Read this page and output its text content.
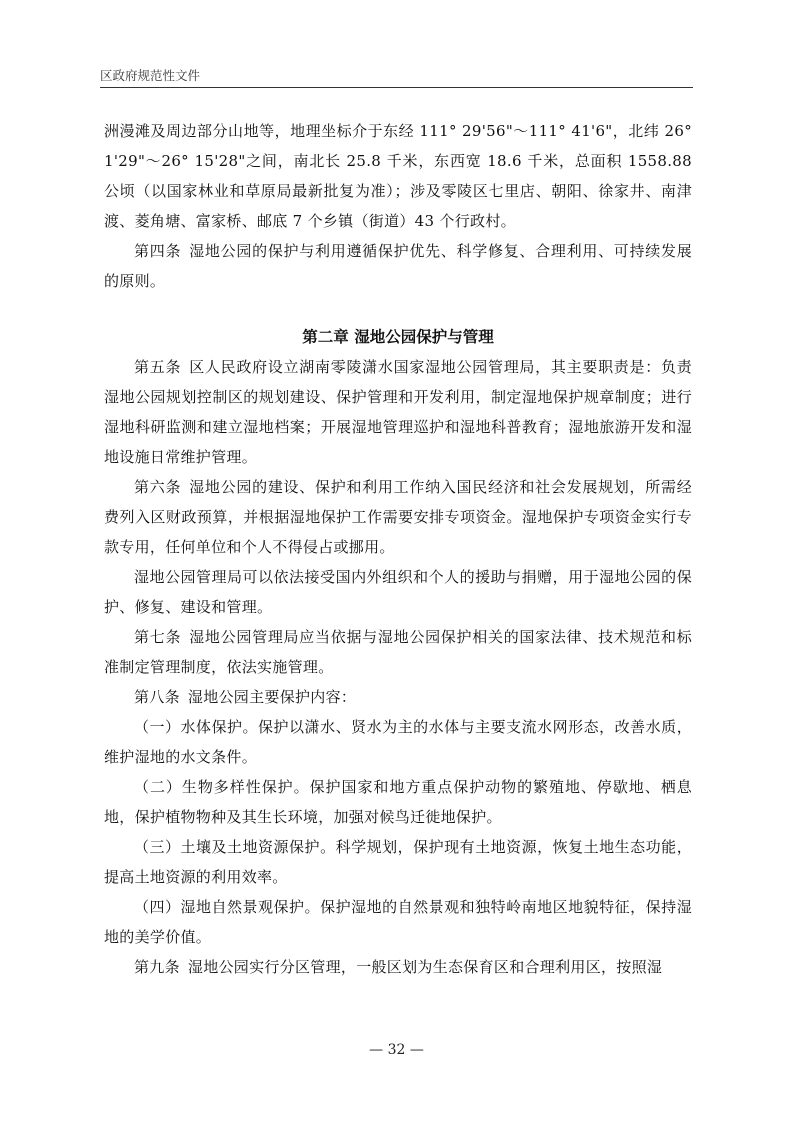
区政府规范性文件

洲漫滩及周边部分山地等，地理坐标介于东经 111° 29'56"～111° 41'6"，北纬 26° 1'29"～26° 15'28"之间，南北长 25.8 千米，东西宽 18.6 千米，总面积 1558.88 公顷（以国家林业和草原局最新批复为准）；涉及零陵区七里店、朝阳、徐家井、南津渡、菱角塘、富家桥、邮底 7 个乡镇（街道）43 个行政村。

第四条 湿地公园的保护与利用遵循保护优先、科学修复、合理利用、可持续发展的原则。

第二章 湿地公园保护与管理

第五条 区人民政府设立湖南零陵潇水国家湿地公园管理局，其主要职责是：负责湿地公园规划控制区的规划建设、保护管理和开发利用，制定湿地保护规章制度；进行湿地科研监测和建立湿地档案；开展湿地管理巡护和湿地科普教育；湿地旅游开发和湿地设施日常维护管理。

第六条 湿地公园的建设、保护和利用工作纳入国民经济和社会发展规划，所需经费列入区财政预算，并根据湿地保护工作需要安排专项资金。湿地保护专项资金实行专款专用，任何单位和个人不得侵占或挪用。

湿地公园管理局可以依法接受国内外组织和个人的援助与捐赠，用于湿地公园的保护、修复、建设和管理。

第七条 湿地公园管理局应当依据与湿地公园保护相关的国家法律、技术规范和标准制定管理制度，依法实施管理。

第八条 湿地公园主要保护内容：

（一）水体保护。保护以潇水、贤水为主的水体与主要支流水网形态，改善水质，维护湿地的水文条件。

（二）生物多样性保护。保护国家和地方重点保护动物的繁殖地、停歇地、栖息地，保护植物物种及其生长环境，加强对候鸟迁徙地保护。

（三）土壤及土地资源保护。科学规划，保护现有土地资源，恢复土地生态功能，提高土地资源的利用效率。

（四）湿地自然景观保护。保护湿地的自然景观和独特岭南地区地貌特征，保持湿地的美学价值。

第九条 湿地公园实行分区管理，一般区划为生态保育区和合理利用区，按照湿

— 32 —
